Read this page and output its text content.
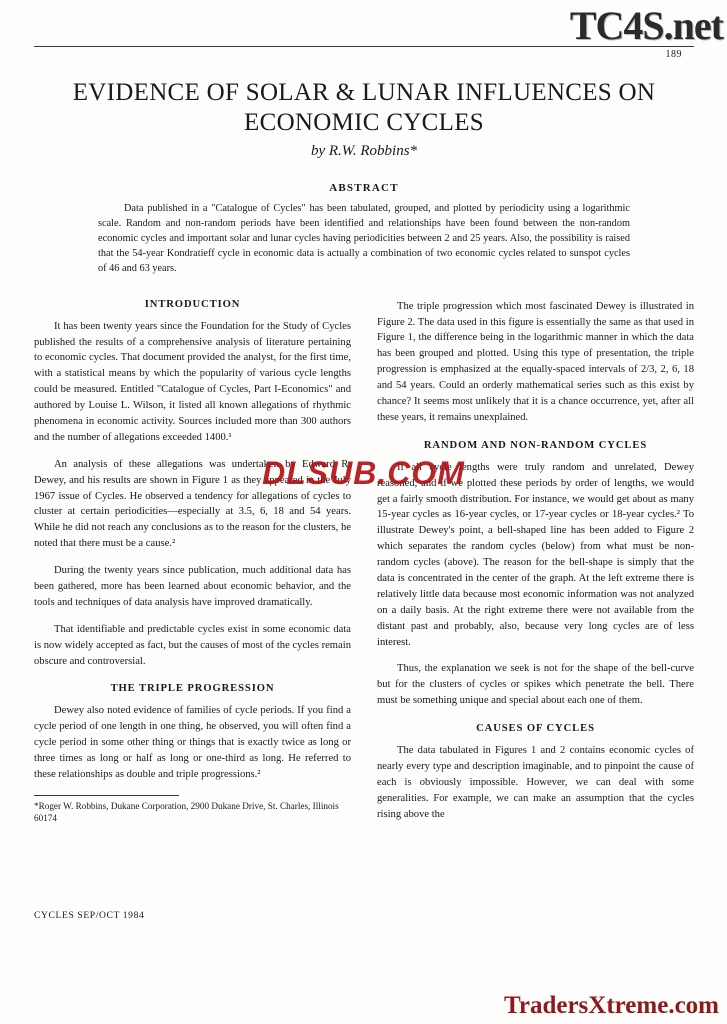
TC4S.net
DLSUB.COM
TradersXtreme.com
189
EVIDENCE OF SOLAR & LUNAR INFLUENCES ON ECONOMIC CYCLES
by R.W. Robbins*
ABSTRACT
Data published in a "Catalogue of Cycles" has been tabulated, grouped, and plotted by periodicity using a logarithmic scale. Random and non-random periods have been identified and relationships have been found between the non-random economic cycles and important solar and lunar cycles having periodicities between 2 and 25 years. Also, the possibility is raised that the 54-year Kondratieff cycle in economic data is actually a combination of two economic cycles related to sunspot cycles of 46 and 63 years.
INTRODUCTION

It has been twenty years since the Foundation for the Study of Cycles published the results of a comprehensive analysis of literature pertaining to economic cycles. That document provided the analyst, for the first time, with a statistical means by which the popularity of various cycle lengths could be measured. Entitled "Catalogue of Cycles, Part I-Economics" and authored by Louise L. Wilson, it listed all known allegations of rhythmic phenomena in economic activity. Sources included more than 300 authors and the number of allegations exceeded 1400.¹

An analysis of these allegations was undertaken by Edward R. Dewey, and his results are shown in Figure 1 as they appeared in the July 1967 issue of Cycles. He observed a tendency for allegations of cycles to cluster at certain periodicities—especially at 3.5, 6, 18 and 54 years. While he did not reach any conclusions as to the reason for the clusters, he noted that there must be a cause.²

During the twenty years since publication, much additional data has been gathered, more has been learned about economic behavior, and the tools and techniques of data analysis have improved dramatically.

That identifiable and predictable cycles exist in some economic data is now widely accepted as fact, but the causes of most of the cycles remain obscure and controversial.

THE TRIPLE PROGRESSION

Dewey also noted evidence of families of cycle periods. If you find a cycle period of one length in one thing, he observed, you will often find a cycle period in some other thing or things that is exactly twice as long or three times as long or half as long or one-third as long. He referred to these relationships as double and triple progressions.²

*Roger W. Robbins, Dukane Corporation, 2900 Dukane Drive, St. Charles, Illinois 60174

The triple progression which most fascinated Dewey is illustrated in Figure 2. The data used in this figure is essentially the same as that used in Figure 1, the difference being in the logarithmic manner in which the data has been grouped and plotted. Using this type of presentation, the triple progression is emphasized at the equally-spaced intervals of 2/3, 2, 6, 18 and 54 years. Could an orderly mathematical series such as this exist by chance? It seems most unlikely that it is a chance occurrence, yet, after all these years, it remains unexplained.

RANDOM AND NON-RANDOM CYCLES

If all cycle lengths were truly random and unrelated, Dewey reasoned, and if we plotted these periods by order of lengths, we would get a fairly smooth distribution. For instance, we would get about as many 15-year cycles as 16-year cycles, or 17-year cycles or 18-year cycles.² To illustrate Dewey's point, a bell-shaped line has been added to Figure 2 which separates the random cycles (below) from what must be non-random cycles (above). The reason for the bell-shape is simply that the data is concentrated in the center of the graph. At the left extreme there is relatively little data because most economic information was not analyzed on a daily basis. At the right extreme there were not available from the distant past and probably, also, because very long cycles are of less interest.

Thus, the explanation we seek is not for the shape of the bell-curve but for the clusters of cycles or spikes which penetrate the bell. There must be something unique and special about each one of them.

CAUSES OF CYCLES

The data tabulated in Figures 1 and 2 contains economic cycles of nearly every type and description imaginable, and to pinpoint the cause of each is obviously impossible. However, we can deal with some generalities. For example, we can make an assumption that the cycles rising above the

CYCLES SEP/OCT 1984
